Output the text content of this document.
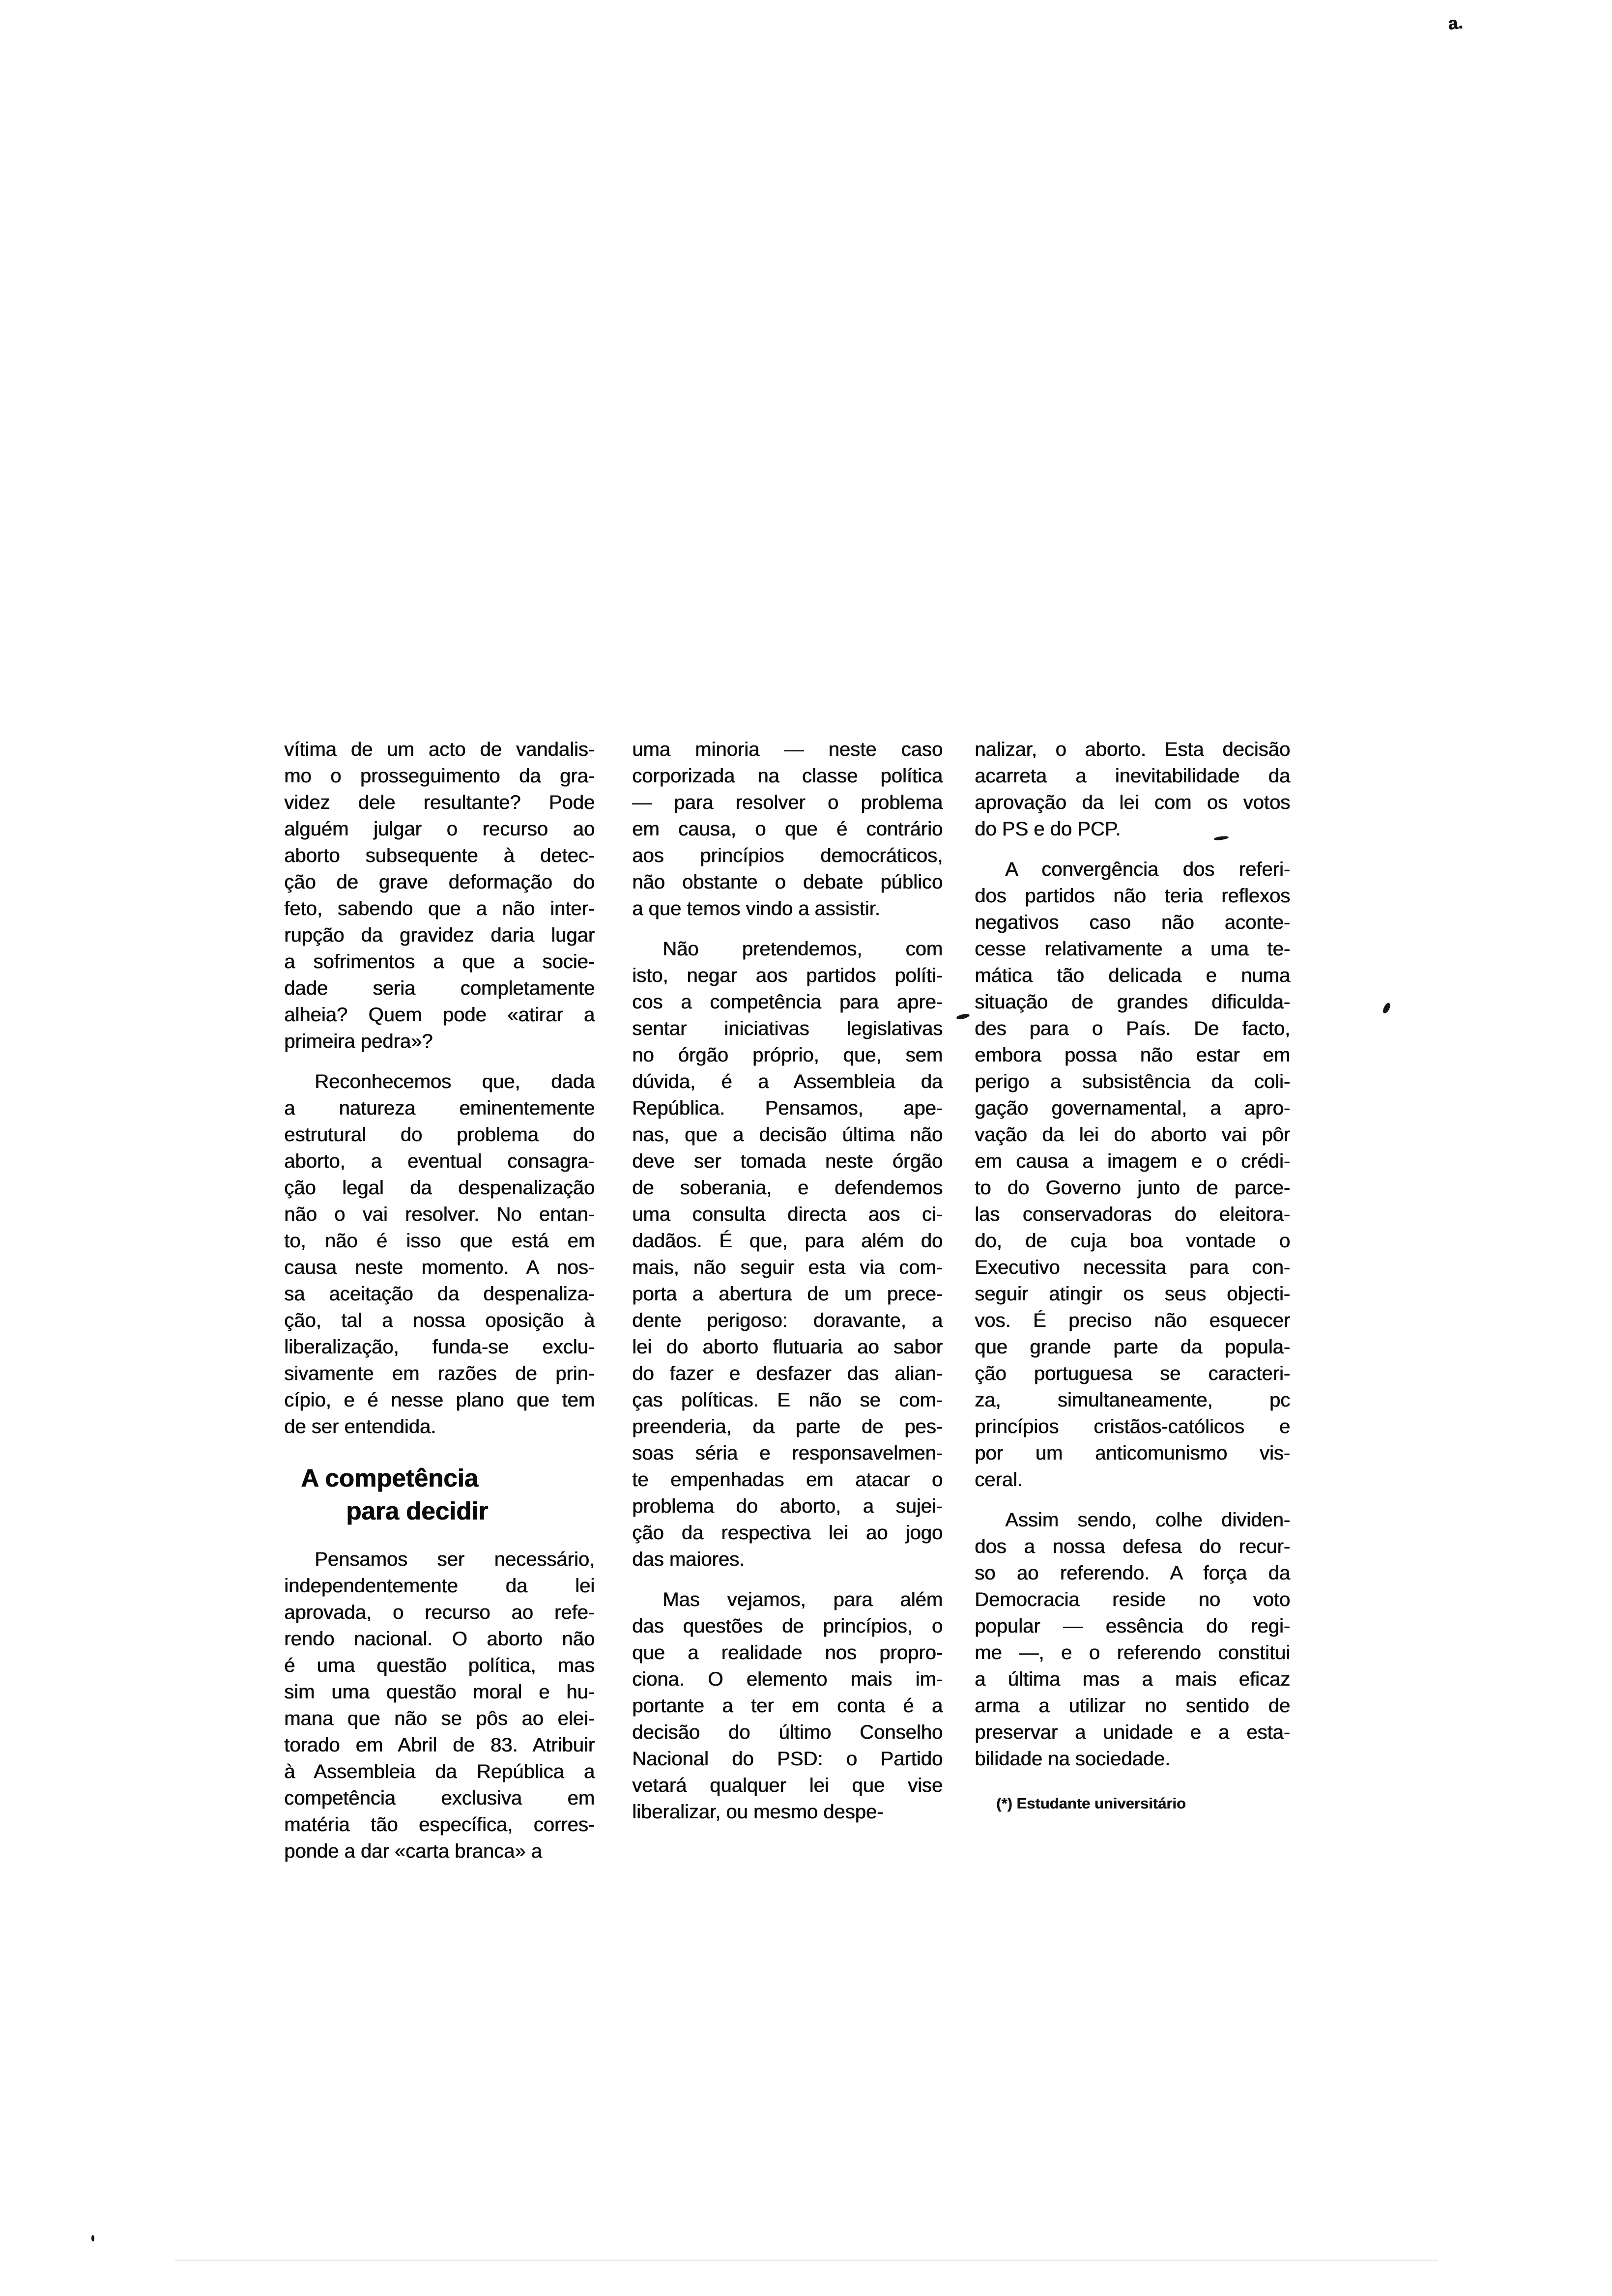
a.
vítima de um acto de vandalis-
mo o prosseguimento da gra-
videz dele resultante? Pode
alguém julgar o recurso ao
aborto subsequente à detec-
ção de grave deformação do
feto, sabendo que a não inter-
rupção da gravidez daria lugar
a sofrimentos a que a socie-
dade seria completamente
alheia? Quem pode «atirar a
primeira pedra»?
Reconhecemos que, dada
a natureza eminentemente
estrutural do problema do
aborto, a eventual consagra-
ção legal da despenalização
não o vai resolver. No entan-
to, não é isso que está em
causa neste momento. A nos-
sa aceitação da despenaliza-
ção, tal a nossa oposição à
liberalização, funda-se exclu-
sivamente em razões de prin-
cípio, e é nesse plano que tem
de ser entendida.
A competência
para decidir
Pensamos ser necessário,
independentemente da lei
aprovada, o recurso ao refe-
rendo nacional. O aborto não
é uma questão política, mas
sim uma questão moral e hu-
mana que não se pôs ao elei-
torado em Abril de 83. Atribuir
à Assembleia da República a
competência exclusiva em
matéria tão específica, corres-
ponde a dar «carta branca» a
uma minoria — neste caso
corporizada na classe política
— para resolver o problema
em causa, o que é contrário
aos princípios democráticos,
não obstante o debate público
a que temos vindo a assistir.
Não pretendemos, com
isto, negar aos partidos políti-
cos a competência para apre-
sentar iniciativas legislativas
no órgão próprio, que, sem
dúvida, é a Assembleia da
República. Pensamos, ape-
nas, que a decisão última não
deve ser tomada neste órgão
de soberania, e defendemos
uma consulta directa aos ci-
dadãos. É que, para além do
mais, não seguir esta via com-
porta a abertura de um prece-
dente perigoso: doravante, a
lei do aborto flutuaria ao sabor
do fazer e desfazer das alian-
ças políticas. E não se com-
preenderia, da parte de pes-
soas séria e responsavelmen-
te empenhadas em atacar o
problema do aborto, a sujei-
ção da respectiva lei ao jogo
das maiores.
Mas vejamos, para além
das questões de princípios, o
que a realidade nos propro-
ciona. O elemento mais im-
portante a ter em conta é a
decisão do último Conselho
Nacional do PSD: o Partido
vetará qualquer lei que vise
liberalizar, ou mesmo despe-
nalizar, o aborto. Esta decisão
acarreta a inevitabilidade da
aprovação da lei com os votos
do PS e do PCP.
A convergência dos referi-
dos partidos não teria reflexos
negativos caso não aconte-
cesse relativamente a uma te-
mática tão delicada e numa
situação de grandes dificulda-
des para o País. De facto,
embora possa não estar em
perigo a subsistência da coli-
gação governamental, a apro-
vação da lei do aborto vai pôr
em causa a imagem e o crédi-
to do Governo junto de parce-
las conservadoras do eleitora-
do, de cuja boa vontade o
Executivo necessita para con-
seguir atingir os seus objecti-
vos. É preciso não esquecer
que grande parte da popula-
ção portuguesa se caracteri-
za, simultaneamente, pc
princípios cristãos-católicos e
por um anticomunismo vis-
ceral.
Assim sendo, colhe dividen-
dos a nossa defesa do recur-
so ao referendo. A força da
Democracia reside no voto
popular — essência do regi-
me —, e o referendo constitui
a última mas a mais eficaz
arma a utilizar no sentido de
preservar a unidade e a esta-
bilidade na sociedade.
(*) Estudante universitário
